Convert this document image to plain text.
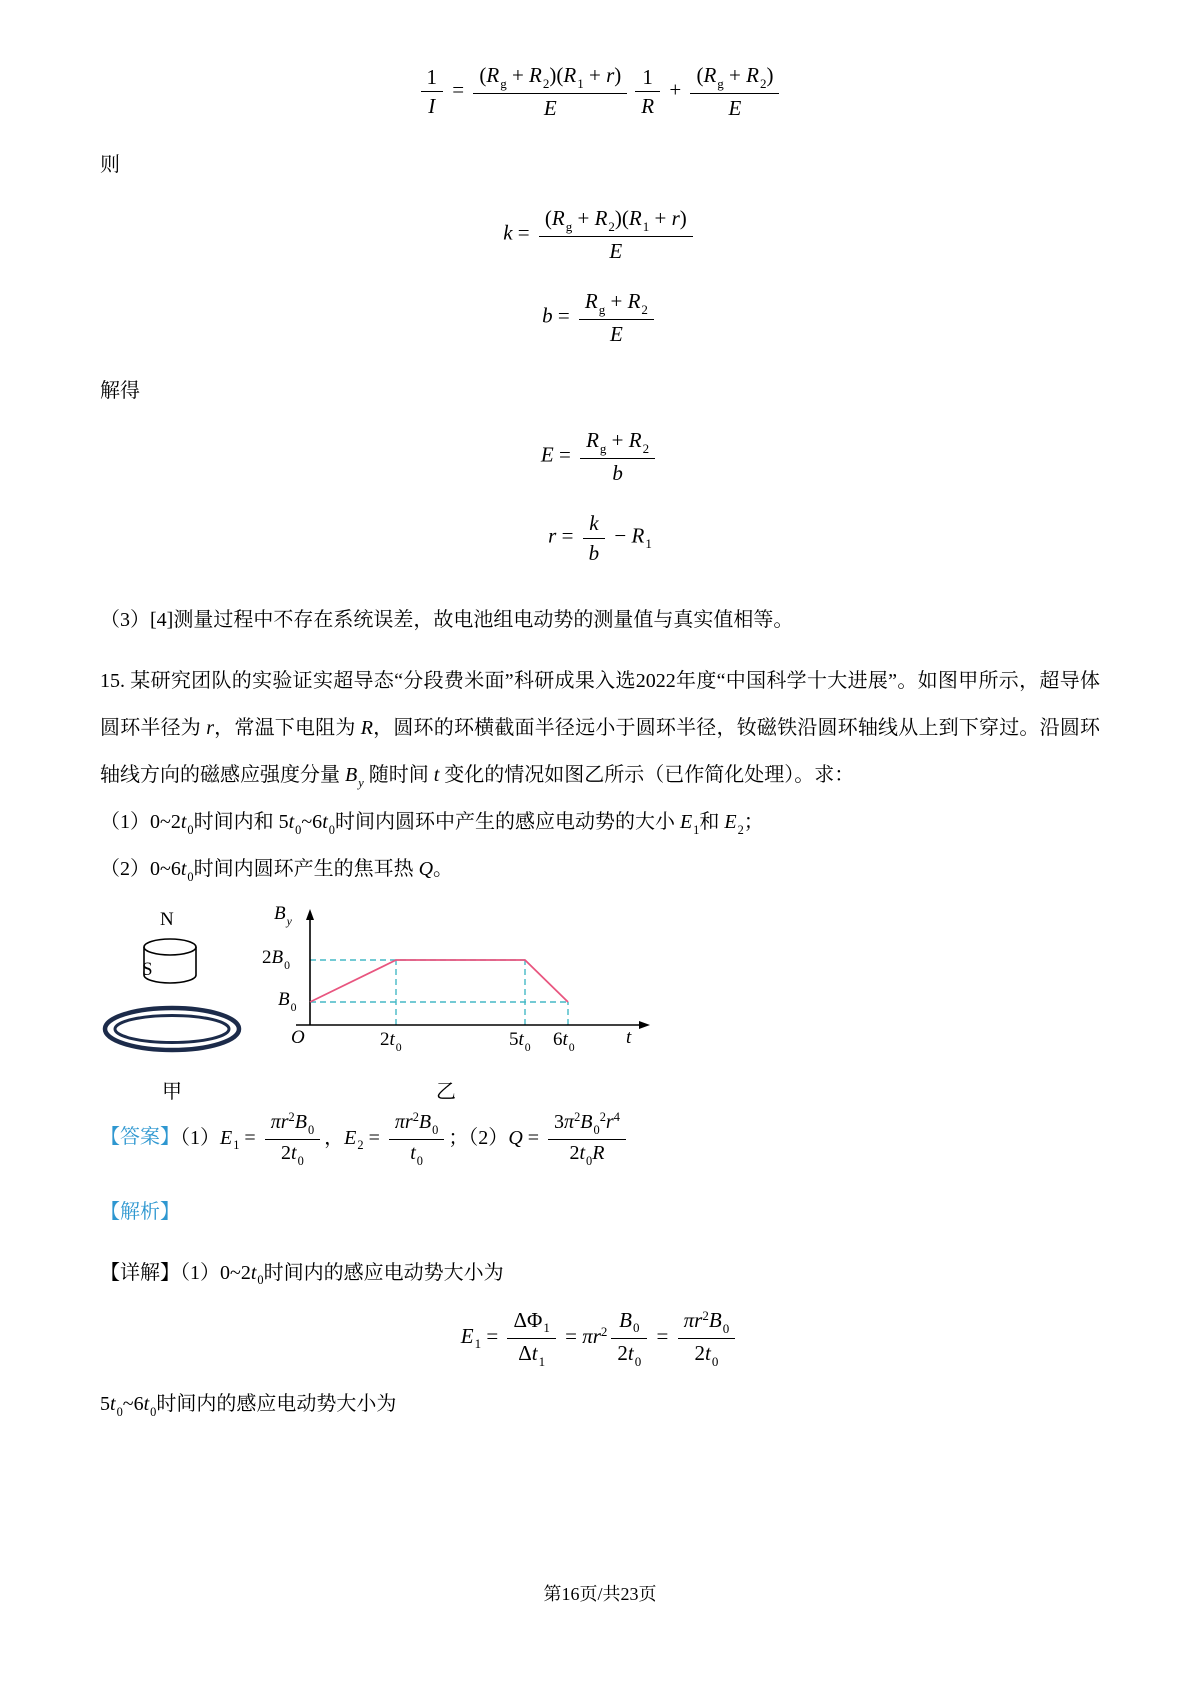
$\frac{1}{I} = \frac{(R_g + R_2)(R_1 + r)}{E} \frac{1}{R} + \frac{(R_g + R_2)}{E}$

则

$k = \frac{(R_g + R_2)(R_1 + r)}{E}$
$b = \frac{R_g + R_2}{E}$

解得

$E = \frac{R_g + R_2}{b}$
$r = \frac{k}{b} - R_1$

（3）[4]测量过程中不存在系统误差，故电池组电动势的测量值与真实值相等。

15. 某研究团队的实验证实超导态“分段费米面”科研成果入选2022年度“中国科学十大进展”。如图甲所示，超导体圆环半径为 r，常温下电阻为 R，圆环的环横截面半径远小于圆环半径，钕磁铁沿圆环轴线从上到下穿过。沿圆环轴线方向的磁感应强度分量 $B_y$ 随时间 t 变化的情况如图乙所示（已作简化处理）。求：

$(1)0\sim 2t_0$时间内和 $5t_0\sim 6t_0$时间内圆环中产生的感应电动势的大小 $E_1$和 $E_2$；

$(2)0\sim 6t_0$时间内圆环产生的焦耳热 Q。

N
S
$B_y$
$2B_0$
$B_0$
O	$2t_0$	$5t_0$ $6t_0$	t
甲	乙

【答案】$(1)E_1 = \frac{\pi r^2B_0}{2t_0}$ ，$E_2 = \frac{\pi r^2B_0}{t_0}$ ；$(2)Q = \frac{3\pi^2B_0^2r^4}{2t_0R}$

【解析】

【详解】$(1)0\sim 2t_0$时间内的感应电动势大小为

$E_1 = \frac{\Delta\Phi_1}{\Delta t_1} = \pi r^2 \frac{B_0}{2t_0} = \frac{\pi r^2B_0}{2t_0}$

$5t_0\sim 6t_0$时间内的感应电动势大小为

第16页/共23页
